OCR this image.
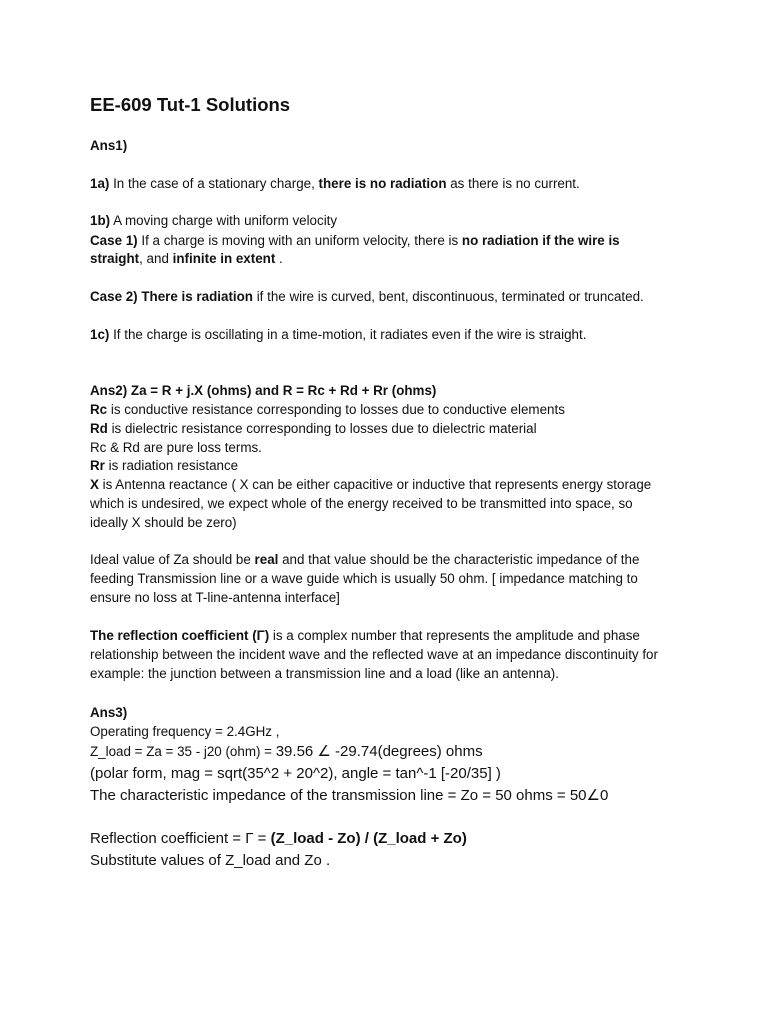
EE-609 Tut-1 Solutions
Ans1)
1a) In the case of a stationary charge, there is no radiation as there is no current.
1b) A moving charge with uniform velocity
Case 1) If a charge is moving with an uniform velocity, there is no radiation if the wire is
straight, and infinite in extent .
Case 2) There is radiation if the wire is curved, bent, discontinuous, terminated or truncated.
1c) If the charge is oscillating in a time-motion, it radiates even if the wire is straight.
Ans2) Za = R + j.X (ohms) and R = Rc + Rd + Rr (ohms)
Rc is conductive resistance corresponding to losses due to conductive elements
Rd is dielectric resistance corresponding to losses due to dielectric material
Rc & Rd are pure loss terms.
Rr is radiation resistance
X is Antenna reactance ( X can be either capacitive or inductive that represents energy storage
which is undesired, we expect whole of the energy received to be transmitted into space, so
ideally X should be zero)
Ideal value of Za should be real and that value should be the characteristic impedance of the
feeding Transmission line or a wave guide which is usually 50 ohm. [ impedance matching to
ensure no loss at T-line-antenna interface]
The reflection coefficient (Γ) is a complex number that represents the amplitude and phase
relationship between the incident wave and the reflected wave at an impedance discontinuity for
example: the junction between a transmission line and a load (like an antenna).
Ans3)
Operating frequency = 2.4GHz ,
Z_load = Za = 35 - j20 (ohm) = 39.56 ∠ -29.74(degrees) ohms
(polar form, mag = sqrt(35^2 + 20^2), angle = tan^-1 [-20/35] )
The characteristic impedance of the transmission line = Zo = 50 ohms = 50∠0
Reflection coefficient = Γ = (Z_load - Zo) / (Z_load + Zo)
Substitute values of Z_load and Zo .
